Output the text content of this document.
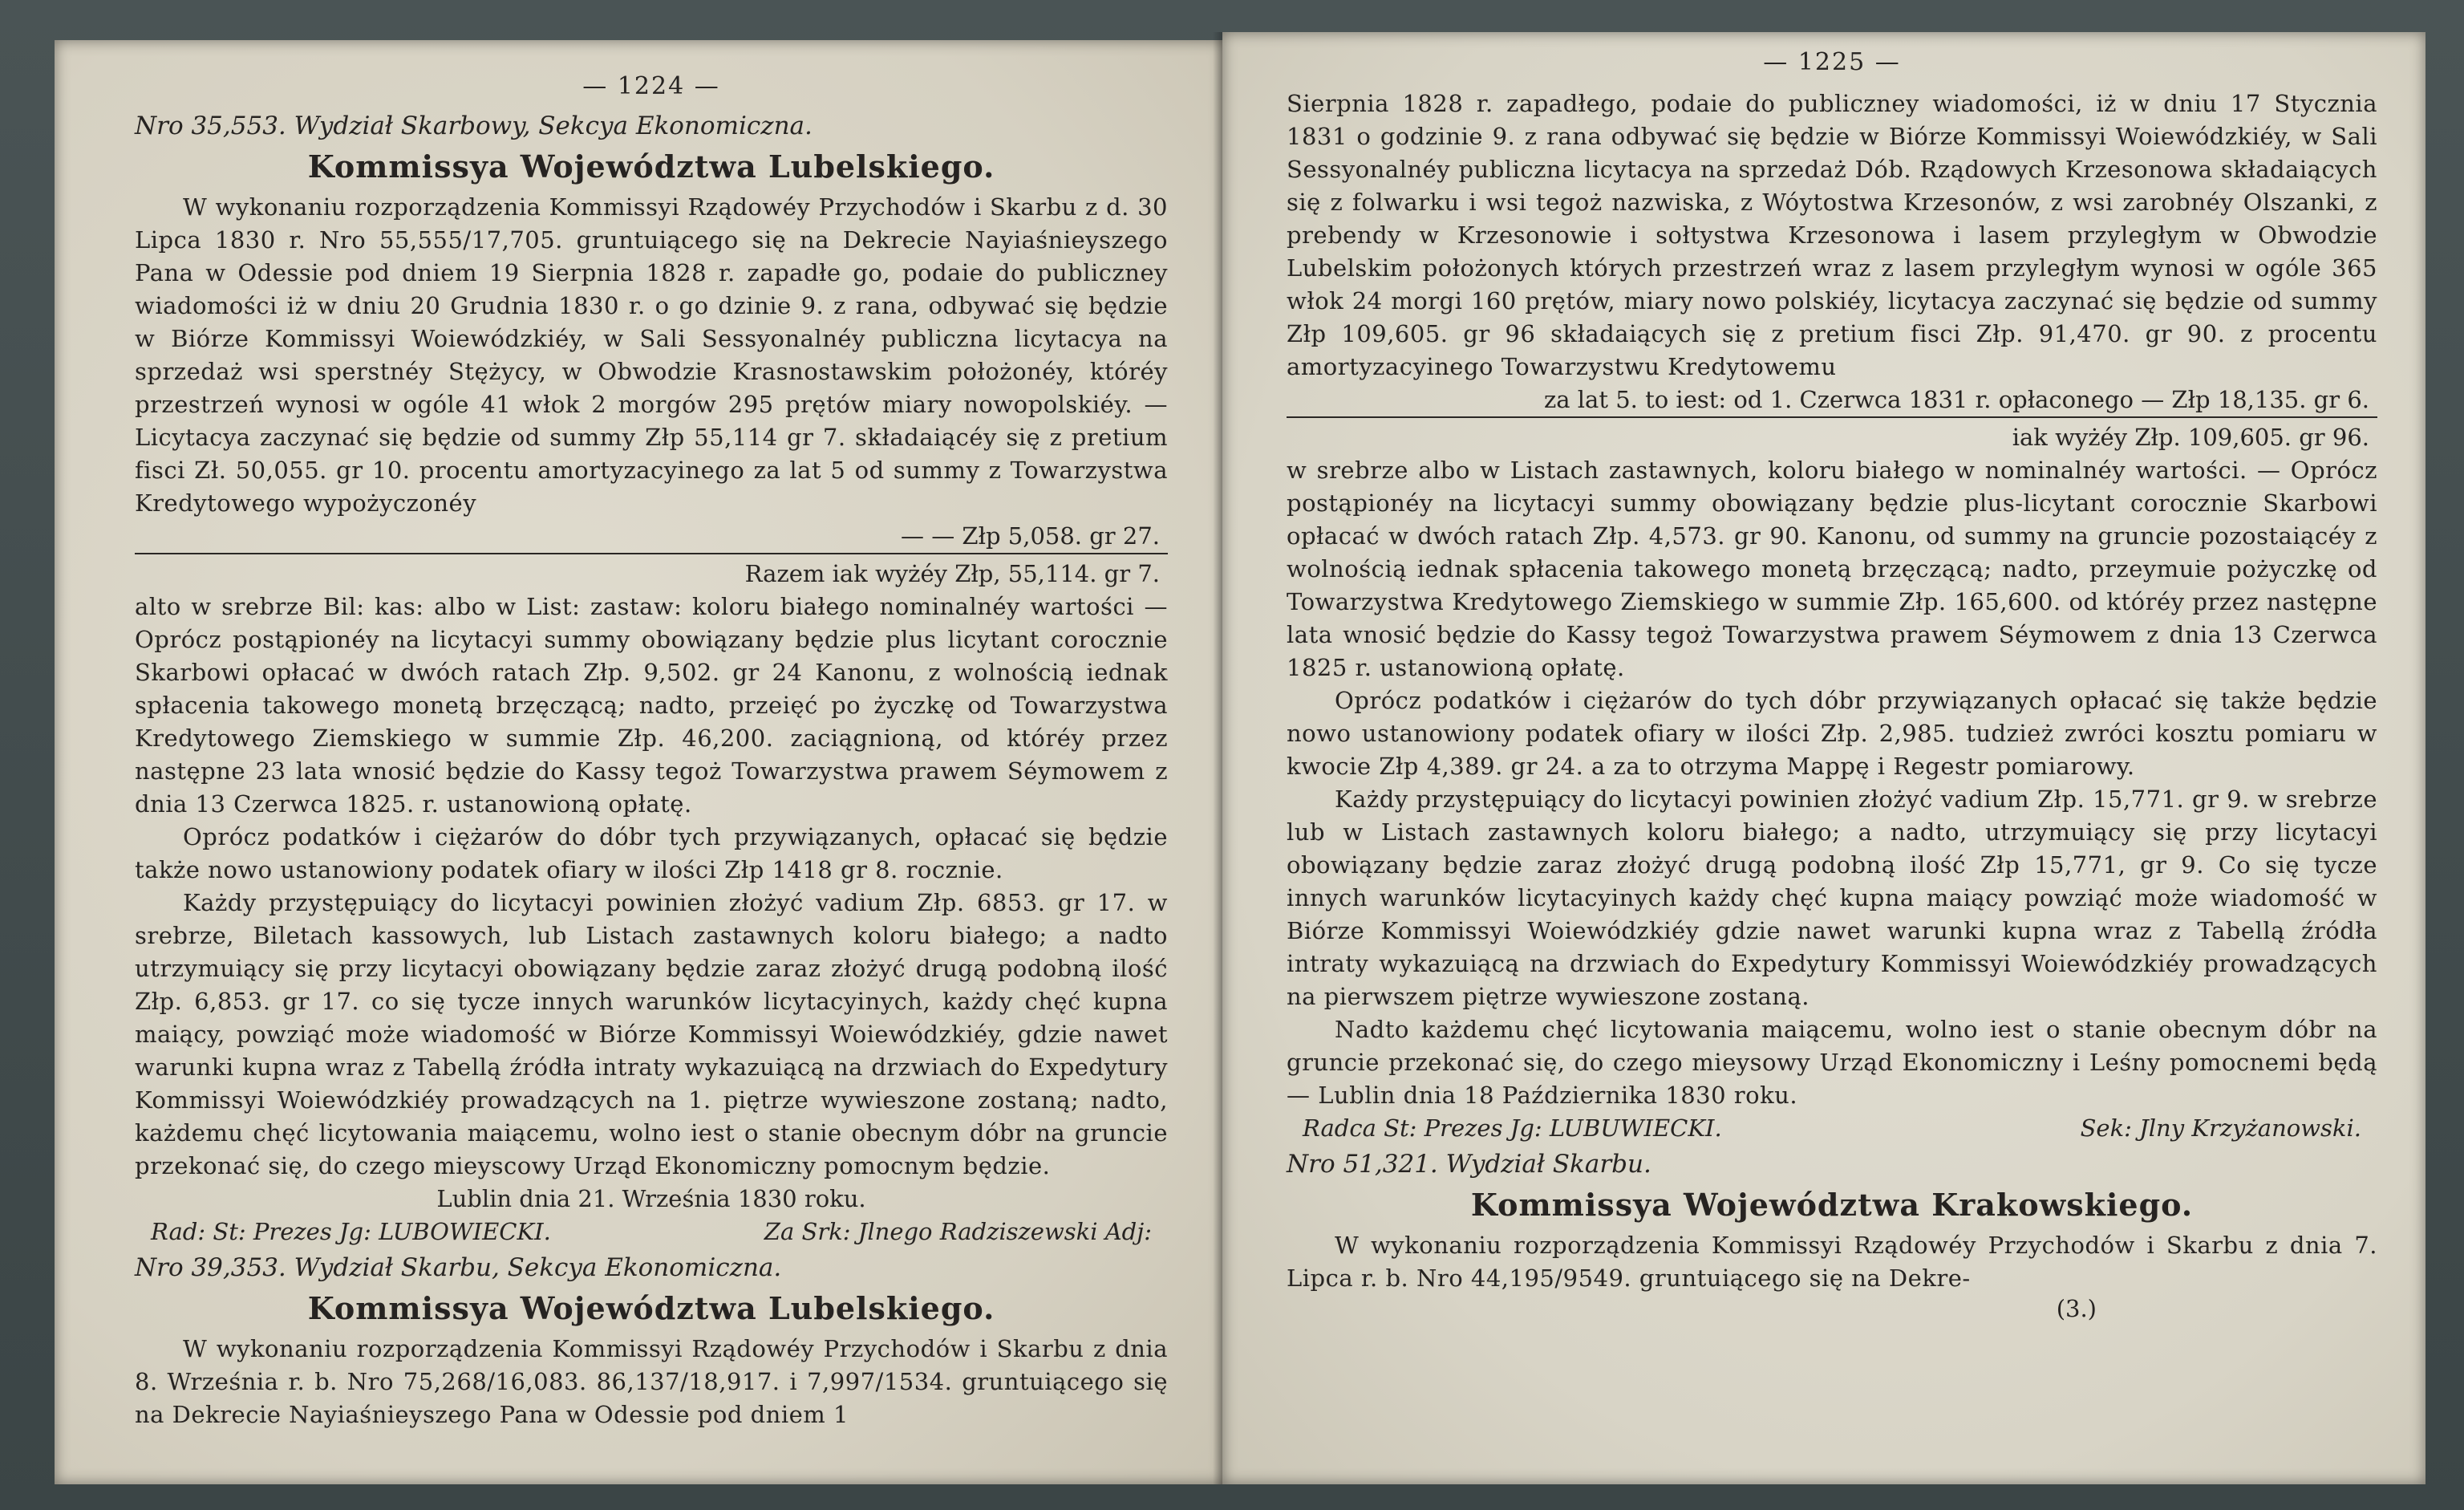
— 1224 —
Nro 35,553. Wydział Skarbowy, Sekcya Ekonomiczna.
Kommissya Województwa Lubelskiego.

W wykonaniu rozporządzenia Kommissyi Rządowéy Przychodów i Skarbu z d. 30 Lipca 1830 r. Nro 55,555/17,705. gruntuiącego się na Dekrecie Nayiaśnieyszego Pana w Odessie pod dniem 19 Sierpnia 1828 r. zapadłe go, podaie do publiczney wiadomości iż w dniu 20 Grudnia 1830 r. o go dzinie 9. z rana, odbywać się będzie w Biórze Kommissyi Woiewódzkiéy, w Sali Sessyonalnéy publiczna licytacya na sprzedaż wsi sperstnéy Stężycy, w Obwodzie Krasnostawskim położonéy, któréy przestrzeń wynosi w ogóle 41 włok 2 morgów 295 prętów miary nowopolskiéy. — Licytacya zaczynać się będzie od summy Złp 55,114 gr 7. składaiącéy się z pretium fisci Zł. 50,055. gr 10. procentu amortyzacyinego za lat 5 od summy z Towarzystwa Kredytowego wypożyczonéy

— — Złp 5,058. gr 27.
Razem iak wyżéy Złp, 55,114. gr 7.

alto w srebrze Bil: kas: albo w List: zastaw: koloru białego nominalnéy wartości — Oprócz postąpionéy na licytacyi summy obowiązany będzie plus licytant corocznie Skarbowi opłacać w dwóch ratach Złp. 9,502. gr 24 Kanonu, z wolnością iednak spłacenia takowego monetą brzęczącą; nadto, przeięć po życzkę od Towarzystwa Kredytowego Ziemskiego w summie Złp. 46,200. zaciągnioną, od któréy przez następne 23 lata wnosić będzie do Kassy tegoż Towarzystwa prawem Séymowem z dnia 13 Czerwca 1825. r. ustanowioną opłatę.

Oprócz podatków i ciężarów do dóbr tych przywiązanych, opłacać się będzie także nowo ustanowiony podatek ofiary w ilości Złp 1418 gr 8. rocznie.

Każdy przystępuiący do licytacyi powinien złożyć vadium Złp. 6853. gr 17. w srebrze, Biletach kassowych, lub Listach zastawnych koloru białego; a nadto utrzymuiący się przy licytacyi obowiązany będzie zaraz złożyć drugą podobną ilość Złp. 6,853. gr 17. co się tycze innych warunków licytacyinych, każdy chęć kupna maiący, powziąć może wiadomość w Biórze Kommissyi Woiewódzkiéy, gdzie nawet warunki kupna wraz z Tabellą źródła intraty wykazuiącą na drzwiach do Expedytury Kommissyi Woiewódzkiéy prowadzących na 1. piętrze wywieszone zostaną; nadto, każdemu chęć licytowania maiącemu, wolno iest o stanie obecnym dóbr na gruncie przekonać się, do czego mieyscowy Urząd Ekonomiczny pomocnym będzie.

Lublin dnia 21. Września 1830 roku.
Rad: St: Prezes Jg: LUBOWIECKI.	Za Srk: Jlnego Radziszewski Adj:
Nro 39,353. Wydział Skarbu, Sekcya Ekonomiczna.
Kommissya Województwa Lubelskiego.

W wykonaniu rozporządzenia Kommissyi Rządowéy Przychodów i Skarbu z dnia 8. Września r. b. Nro 75,268/16,083. 86,137/18,917. i 7,997/1534. gruntuiącego się na Dekrecie Nayiaśnieyszego Pana w Odessie pod dniem 1

— 1225 —

Sierpnia 1828 r. zapadłego, podaie do publiczney wiadomości, iż w dniu 17 Stycznia 1831 o godzinie 9. z rana odbywać się będzie w Biórze Kommissyi Woiewódzkiéy, w Sali Sessyonalnéy publiczna licytacya na sprzedaż Dób. Rządowych Krzesonowa składaiących się z folwarku i wsi tegoż nazwiska, z Wóytostwa Krzesonów, z wsi zarobnéy Olszanki, z prebendy w Krzesonowie i sołtystwa Krzesonowa i lasem przyległym w Obwodzie Lubelskim położonych których przestrzeń wraz z lasem przyległym wynosi w ogóle 365 włok 24 morgi 160 prętów, miary nowo polskiéy, licytacya zaczynać się będzie od summy Złp 109,605. gr 96 składaiących się z pretium fisci Złp. 91,470. gr 90. z procentu amortyzacyinego Towarzystwu Kredytowemu

za lat 5. to iest: od 1. Czerwca 1831 r. opłaconego — Złp 18,135. gr 6.
iak wyżéy Złp. 109,605. gr 96.

w srebrze albo w Listach zastawnych, koloru białego w nominalnéy wartości. — Oprócz postąpionéy na licytacyi summy obowiązany będzie plus-licytant corocznie Skarbowi opłacać w dwóch ratach Złp. 4,573. gr 90. Kanonu, od summy na gruncie pozostaiącéy z wolnością iednak spłacenia takowego monetą brzęczącą; nadto, przeymuie pożyczkę od Towarzystwa Kredytowego Ziemskiego w summie Złp. 165,600. od któréy przez następne lata wnosić będzie do Kassy tegoż Towarzystwa prawem Séymowem z dnia 13 Czerwca 1825 r. ustanowioną opłatę.

Oprócz podatków i ciężarów do tych dóbr przywiązanych opłacać się także będzie nowo ustanowiony podatek ofiary w ilości Złp. 2,985. tudzież zwróci kosztu pomiaru w kwocie Złp 4,389. gr 24. a za to otrzyma Mappę i Regestr pomiarowy.

Każdy przystępuiący do licytacyi powinien złożyć vadium Złp. 15,771. gr 9. w srebrze lub w Listach zastawnych koloru białego; a nadto, utrzymuiący się przy licytacyi obowiązany będzie zaraz złożyć drugą podobną ilość Złp 15,771, gr 9. Co się tycze innych warunków licytacyinych każdy chęć kupna maiący powziąć może wiadomość w Biórze Kommissyi Woiewódzkiéy gdzie nawet warunki kupna wraz z Tabellą źródła intraty wykazuiącą na drzwiach do Expedytury Kommissyi Woiewódzkiéy prowadzących na pierwszem piętrze wywieszone zostaną.

Nadto każdemu chęć licytowania maiącemu, wolno iest o stanie obecnym dóbr na gruncie przekonać się, do czego mieysowy Urząd Ekonomiczny i Leśny pomocnemi będą — Lublin dnia 18 Października 1830 roku.

Radca St: Prezes Jg: LUBUWIECKI.	Sek: Jlny Krzyżanowski.
Nro 51,321. Wydział Skarbu.
Kommissya Województwa Krakowskiego.

W wykonaniu rozporządzenia Kommissyi Rządowéy Przychodów i Skarbu z dnia 7. Lipca r. b. Nro 44,195/9549. gruntuiącego się na Dekre-

(3.)
